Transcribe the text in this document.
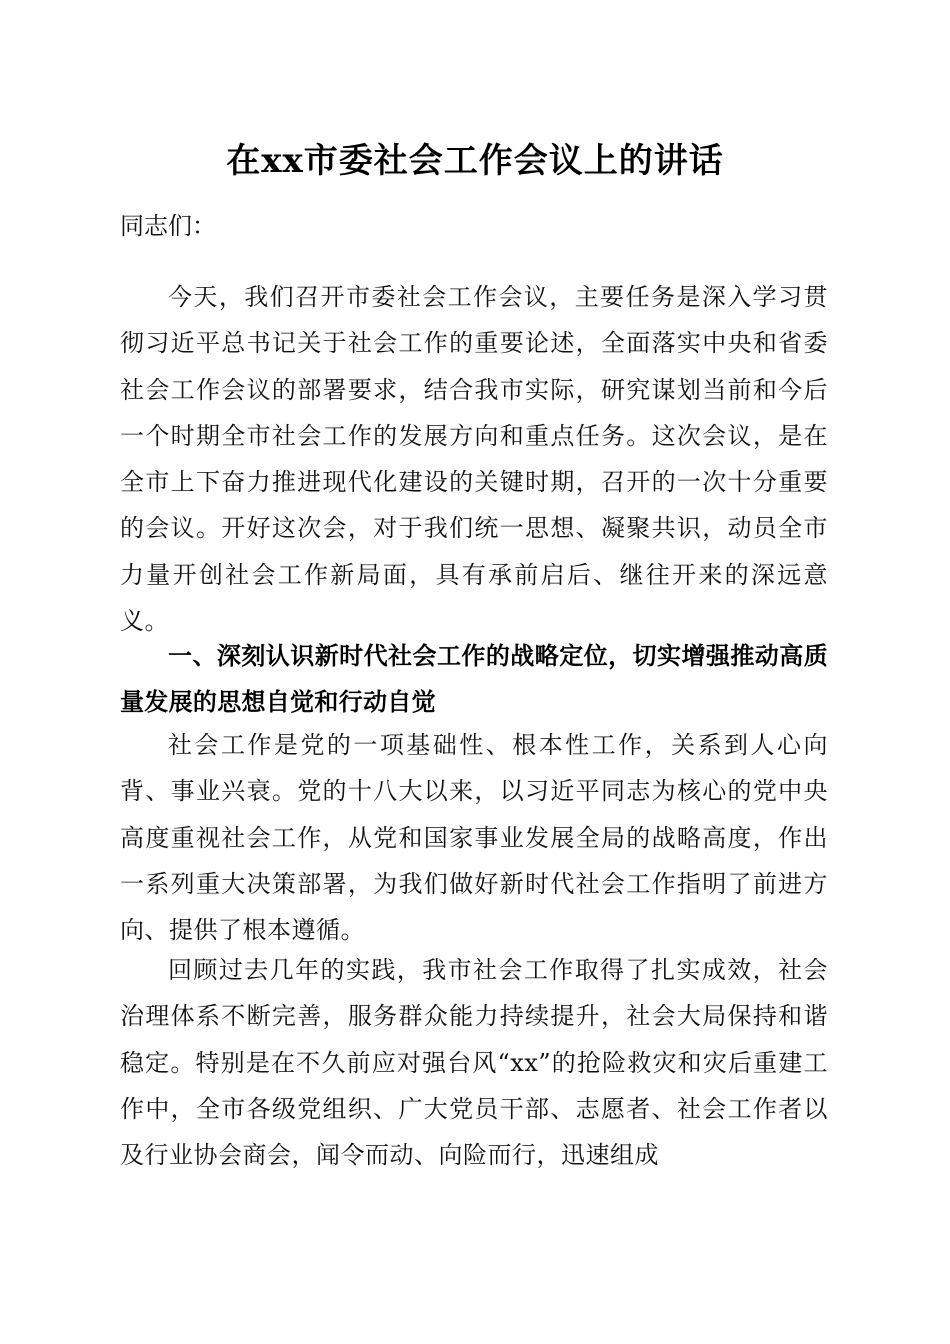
在xx市委社会工作会议上的讲话

同志们：

今天，我们召开市委社会工作会议，主要任务是深入学习贯彻习近平总书记关于社会工作的重要论述，全面落实中央和省委社会工作会议的部署要求，结合我市实际，研究谋划当前和今后一个时期全市社会工作的发展方向和重点任务。这次会议，是在全市上下奋力推进现代化建设的关键时期，召开的一次十分重要的会议。开好这次会，对于我们统一思想、凝聚共识，动员全市力量开创社会工作新局面，具有承前启后、继往开来的深远意义。

一、深刻认识新时代社会工作的战略定位，切实增强推动高质量发展的思想自觉和行动自觉

社会工作是党的一项基础性、根本性工作，关系到人心向背、事业兴衰。党的十八大以来，以习近平同志为核心的党中央高度重视社会工作，从党和国家事业发展全局的战略高度，作出一系列重大决策部署，为我们做好新时代社会工作指明了前进方向、提供了根本遵循。

回顾过去几年的实践，我市社会工作取得了扎实成效，社会治理体系不断完善，服务群众能力持续提升，社会大局保持和谐稳定。特别是在不久前应对强台风“xx”的抢险救灾和灾后重建工作中，全市各级党组织、广大党员干部、志愿者、社会工作者以及行业协会商会，闻令而动、向险而行，迅速组成
